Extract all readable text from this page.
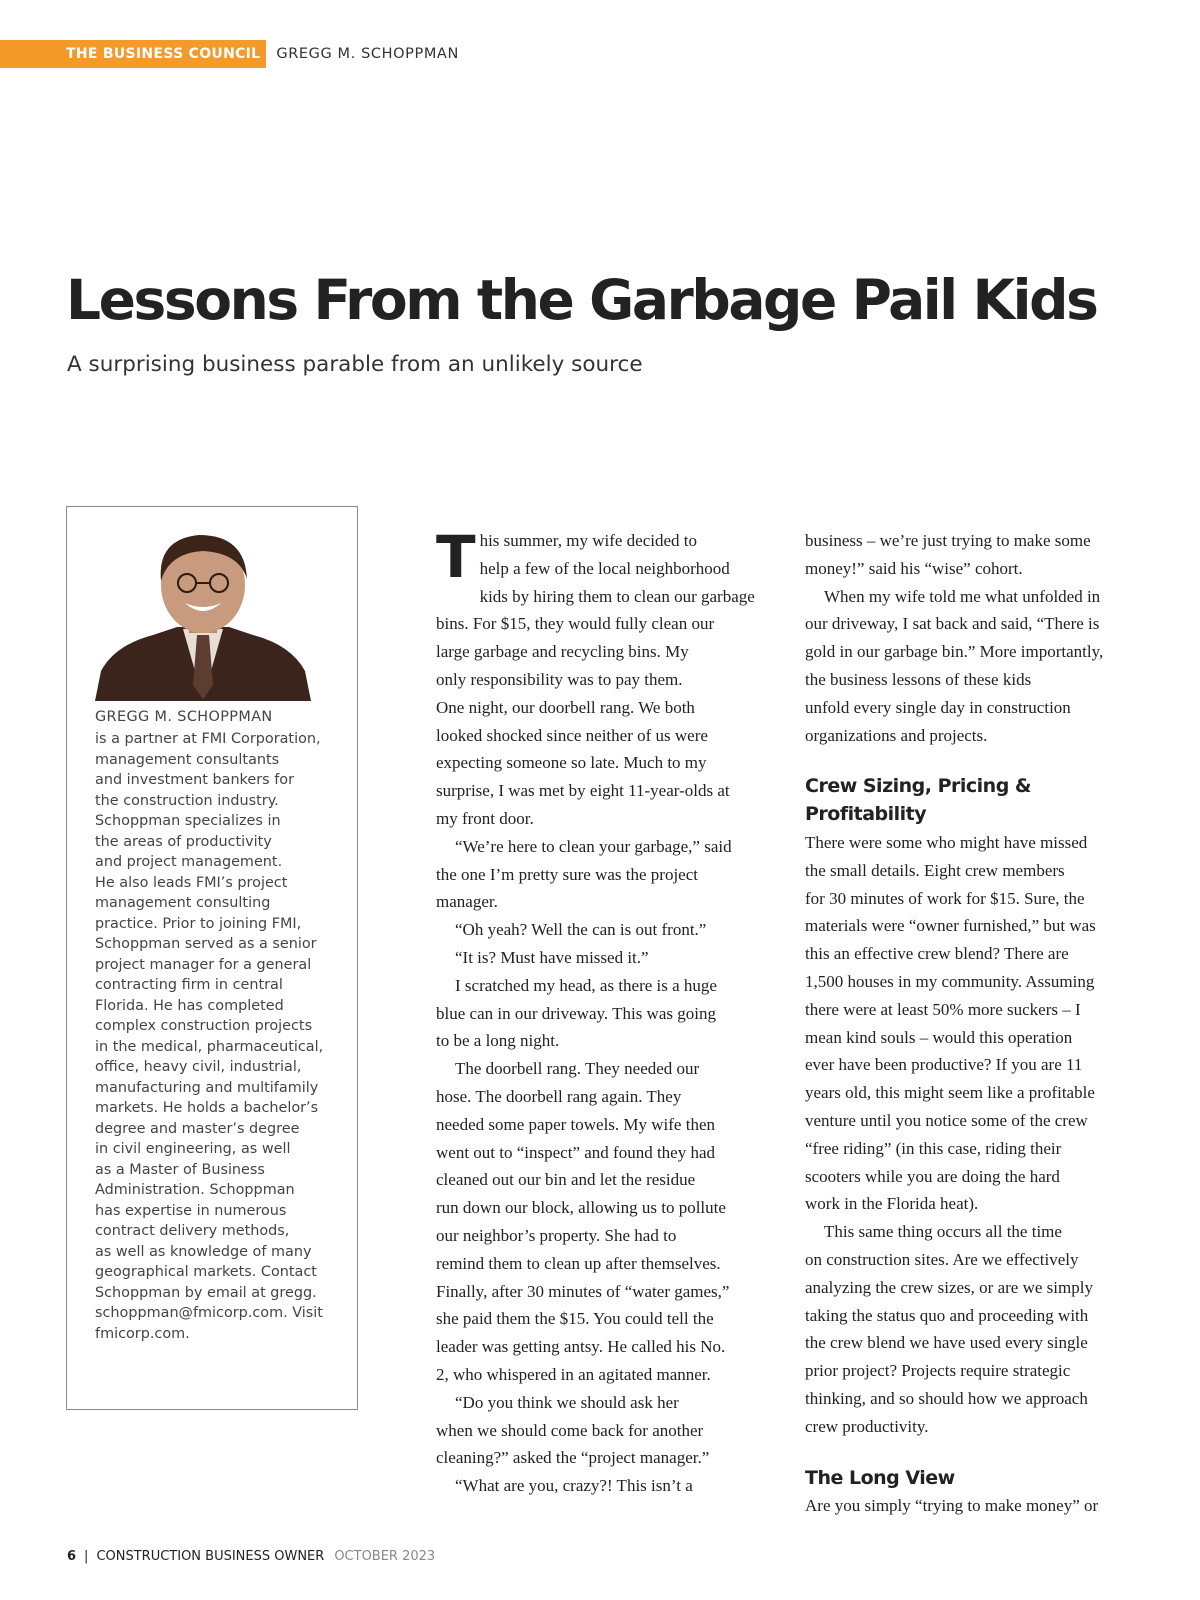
THE BUSINESS COUNCIL	GREGG M. SCHOPPMAN
Lessons From the Garbage Pail Kids

A surprising business parable from an unlikely source

GREGG M. SCHOPPMAN

is a partner at FMI Corporation,
management consultants
and investment bankers for
the construction industry.
Schoppman specializes in
the areas of productivity
and project management.
He also leads FMI’s project
management consulting
practice. Prior to joining FMI,
Schoppman served as a senior
project manager for a general
contracting firm in central
Florida. He has completed
complex construction projects
in the medical, pharmaceutical,
office, heavy civil, industrial,
manufacturing and multifamily
markets. He holds a bachelor’s
degree and master’s degree
in civil engineering, as well
as a Master of Business
Administration. Schoppman
has expertise in numerous
contract delivery methods,
as well as knowledge of many
geographical markets. Contact
Schoppman by email at gregg.
schoppman@fmicorp.com. Visit
fmicorp.com.

T his summer, my wife decided to
help a few of the local neighborhood
kids by hiring them to clean our garbage
bins. For $15, they would fully clean our
large garbage and recycling bins. My
only responsibility was to pay them.

One night, our doorbell rang. We both
looked shocked since neither of us were
expecting someone so late. Much to my
surprise, I was met by eight 11-year-olds at
my front door.

“We’re here to clean your garbage,” said
the one I’m pretty sure was the project
manager.

“Oh yeah? Well the can is out front.”

“It is? Must have missed it.”

I scratched my head, as there is a huge
blue can in our driveway. This was going
to be a long night.

The doorbell rang. They needed our
hose. The doorbell rang again. They
needed some paper towels. My wife then
went out to “inspect” and found they had
cleaned out our bin and let the residue
run down our block, allowing us to pollute
our neighbor’s property. She had to
remind them to clean up after themselves.
Finally, after 30 minutes of “water games,”
she paid them the $15. You could tell the
leader was getting antsy. He called his No.
2, who whispered in an agitated manner.

“Do you think we should ask her
when we should come back for another
cleaning?” asked the “project manager.”

“What are you, crazy?! This isn’t a

business – we’re just trying to make some
money!” said his “wise” cohort.

When my wife told me what unfolded in
our driveway, I sat back and said, “There is
gold in our garbage bin.” More importantly,
the business lessons of these kids
unfold every single day in construction
organizations and projects.

Crew Sizing, Pricing & Profitability

There were some who might have missed
the small details. Eight crew members
for 30 minutes of work for $15. Sure, the
materials were “owner furnished,” but was
this an effective crew blend? There are
1,500 houses in my community. Assuming
there were at least 50% more suckers – I
mean kind souls – would this operation
ever have been productive? If you are 11
years old, this might seem like a profitable
venture until you notice some of the crew
“free riding” (in this case, riding their
scooters while you are doing the hard
work in the Florida heat).

This same thing occurs all the time
on construction sites. Are we effectively
analyzing the crew sizes, or are we simply
taking the status quo and proceeding with
the crew blend we have used every single
prior project? Projects require strategic
thinking, and so should how we approach
crew productivity.

The Long View

Are you simply “trying to make money” or

6 | CONSTRUCTION BUSINESS OWNER OCTOBER 2023
